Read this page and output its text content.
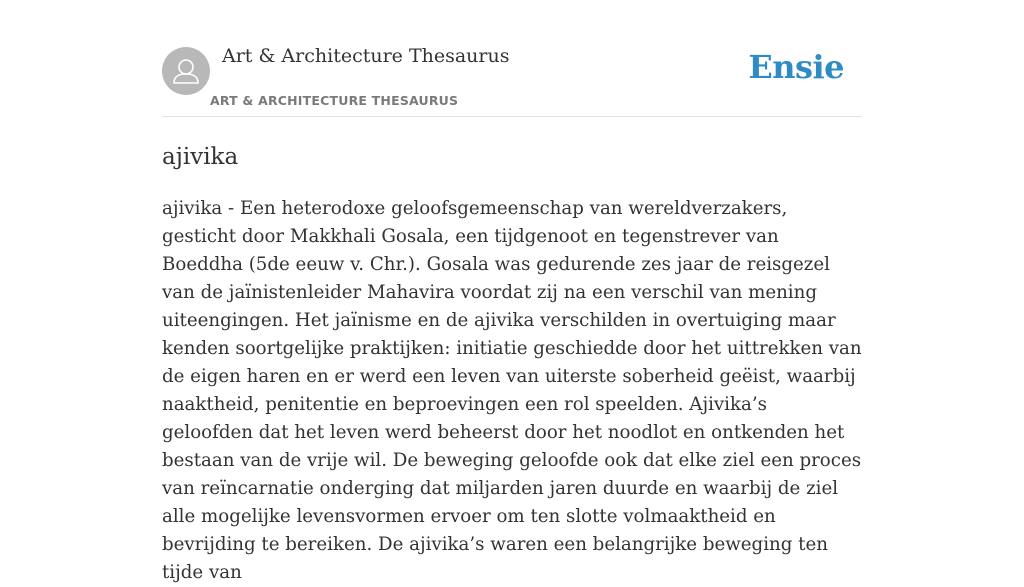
Art & Architecture Thesaurus
ART & ARCHITECTURE THESAURUS
Ensie
ajivika

ajivika - Een heterodoxe geloofsgemeenschap van wereldverzakers, gesticht door Makkhali Gosala, een tijdgenoot en tegenstrever van Boeddha (5de eeuw v. Chr.). Gosala was gedurende zes jaar de reisgezel van de jaïnistenleider Mahavira voordat zij na een verschil van mening uiteengingen. Het jaïnisme en de ajivika verschilden in overtuiging maar kenden soortgelijke praktijken: initiatie geschiedde door het uittrekken van de eigen haren en er werd een leven van uiterste soberheid geëist, waarbij naaktheid, penitentie en beproevingen een rol speelden. Ajivika’s geloofden dat het leven werd beheerst door het noodlot en ontkenden het bestaan van de vrije wil. De beweging geloofde ook dat elke ziel een proces van reïncarnatie onderging dat miljarden jaren duurde en waarbij de ziel alle mogelijke levensvormen ervoer om ten slotte volmaaktheid en bevrijding te bereiken. De ajivika’s waren een belangrijke beweging ten tijde van
